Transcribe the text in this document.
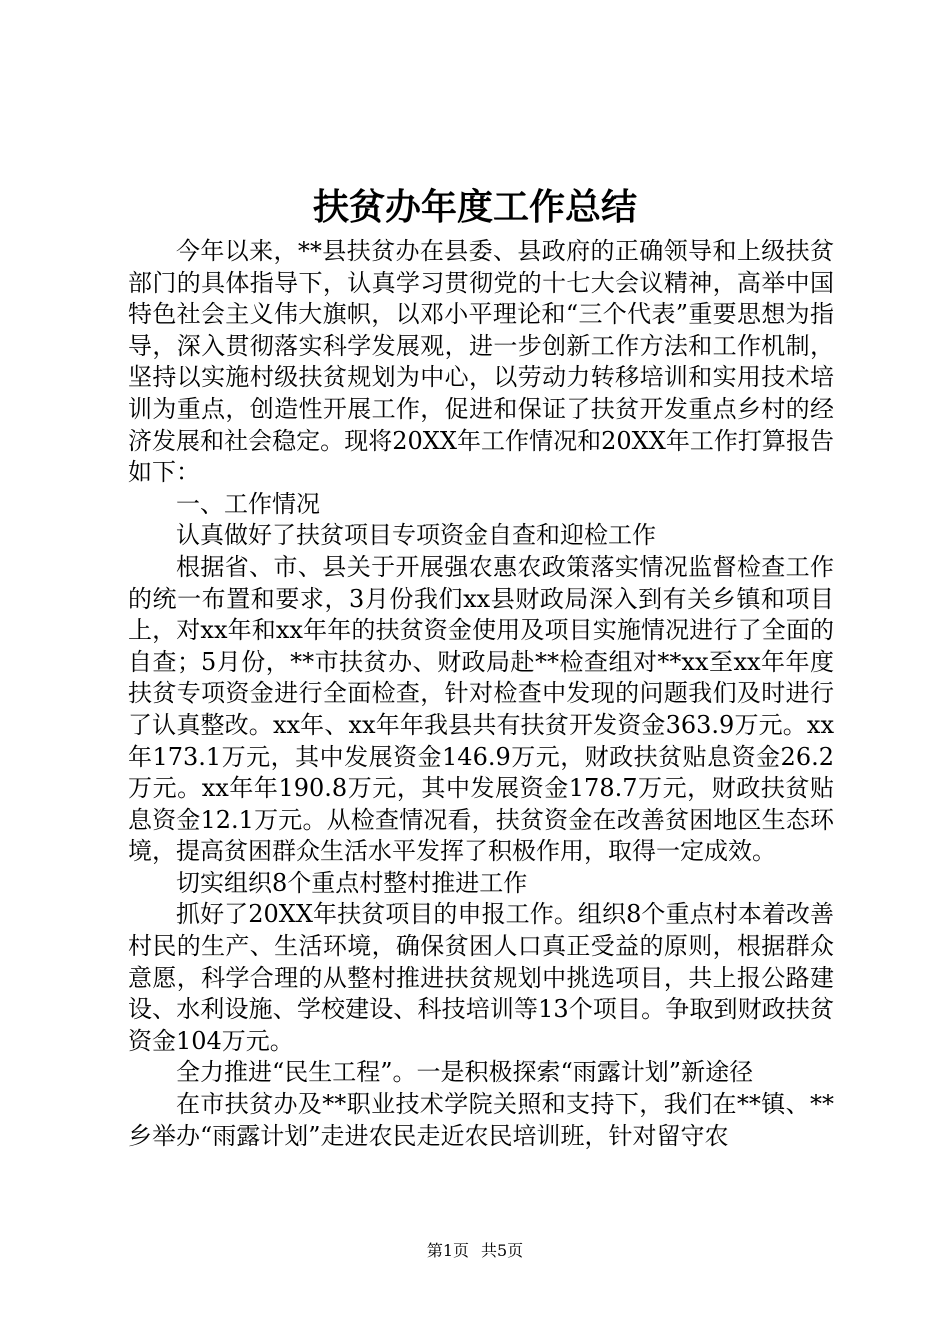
扶贫办年度工作总结

今年以来，**县扶贫办在县委、县政府的正确领导和上级扶贫部门的具体指导下，认真学习贯彻党的十七大会议精神，高举中国特色社会主义伟大旗帜，以邓小平理论和“三个代表”重要思想为指导，深入贯彻落实科学发展观，进一步创新工作方法和工作机制，坚持以实施村级扶贫规划为中心，以劳动力转移培训和实用技术培训为重点，创造性开展工作，促进和保证了扶贫开发重点乡村的经济发展和社会稳定。现将20XX年工作情况和20XX年工作打算报告如下：

一、工作情况

认真做好了扶贫项目专项资金自查和迎检工作

根据省、市、县关于开展强农惠农政策落实情况监督检查工作的统一布置和要求，3月份我们xx县财政局深入到有关乡镇和项目上，对xx年和xx年年的扶贫资金使用及项目实施情况进行了全面的自查；5月份，**市扶贫办、财政局赴**检查组对**xx至xx年年度扶贫专项资金进行全面检查，针对检查中发现的问题我们及时进行了认真整改。xx年、xx年年我县共有扶贫开发资金363.9万元。xx年173.1万元，其中发展资金146.9万元，财政扶贫贴息资金26.2万元。xx年年190.8万元，其中发展资金178.7万元，财政扶贫贴息资金12.1万元。从检查情况看，扶贫资金在改善贫困地区生态环境，提高贫困群众生活水平发挥了积极作用，取得一定成效。

切实组织8个重点村整村推进工作

抓好了20XX年扶贫项目的申报工作。组织8个重点村本着改善村民的生产、生活环境，确保贫困人口真正受益的原则，根据群众意愿，科学合理的从整村推进扶贫规划中挑选项目，共上报公路建设、水利设施、学校建设、科技培训等13个项目。争取到财政扶贫资金104万元。

全力推进“民生工程”。一是积极探索“雨露计划”新途径

在市扶贫办及**职业技术学院关照和支持下，我们在**镇、**乡举办“雨露计划”走进农民走近农民培训班，针对留守农

第1页 共5页
